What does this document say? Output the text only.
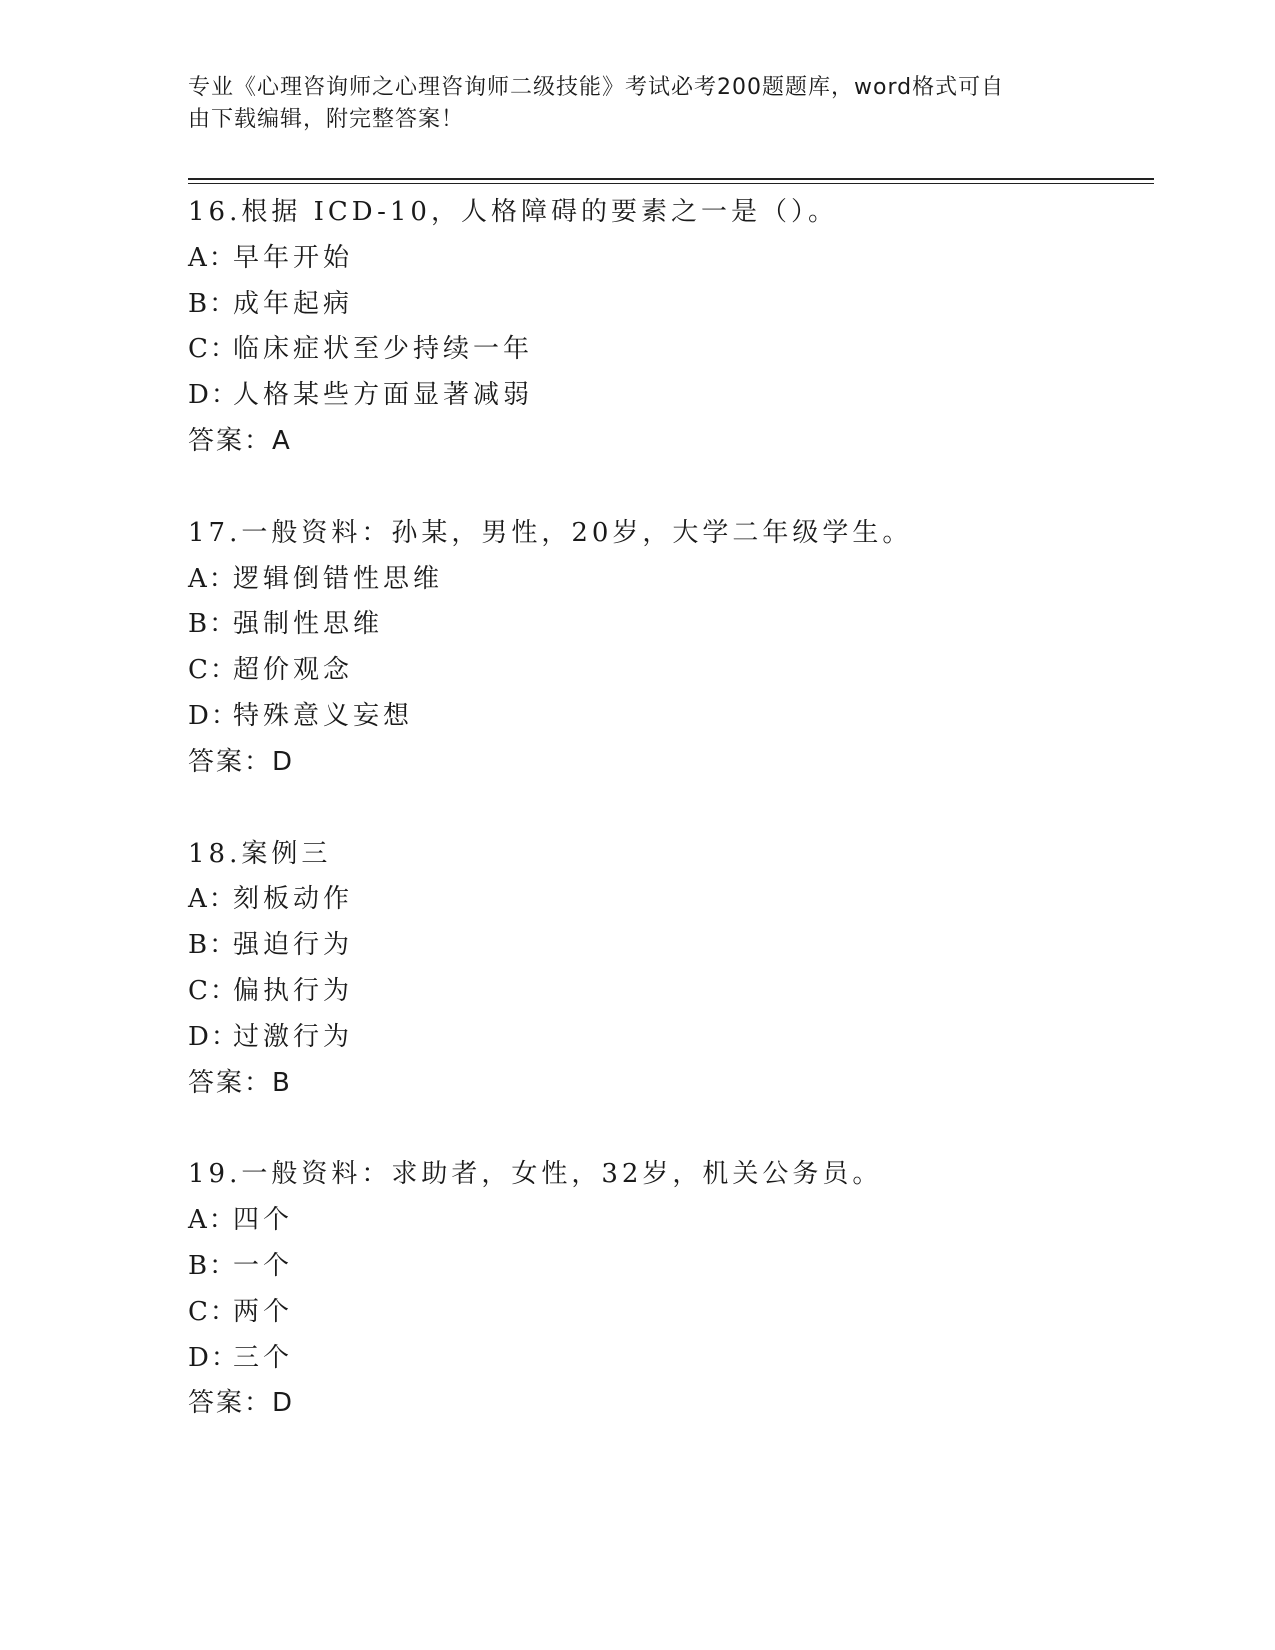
专业《心理咨询师之心理咨询师二级技能》考试必考200题题库，word格式可自
由下载编辑，附完整答案！
16.根据 ICD-10，人格障碍的要素之一是（）。
A：早年开始
B：成年起病
C：临床症状至少持续一年
D：人格某些方面显著减弱
答案：A
17.一般资料：孙某，男性，20岁，大学二年级学生。
A：逻辑倒错性思维
B：强制性思维
C：超价观念
D：特殊意义妄想
答案：D
18.案例三
A：刻板动作
B：强迫行为
C：偏执行为
D：过激行为
答案：B
19.一般资料：求助者，女性，32岁，机关公务员。
A：四个
B：一个
C：两个
D：三个
答案：D
